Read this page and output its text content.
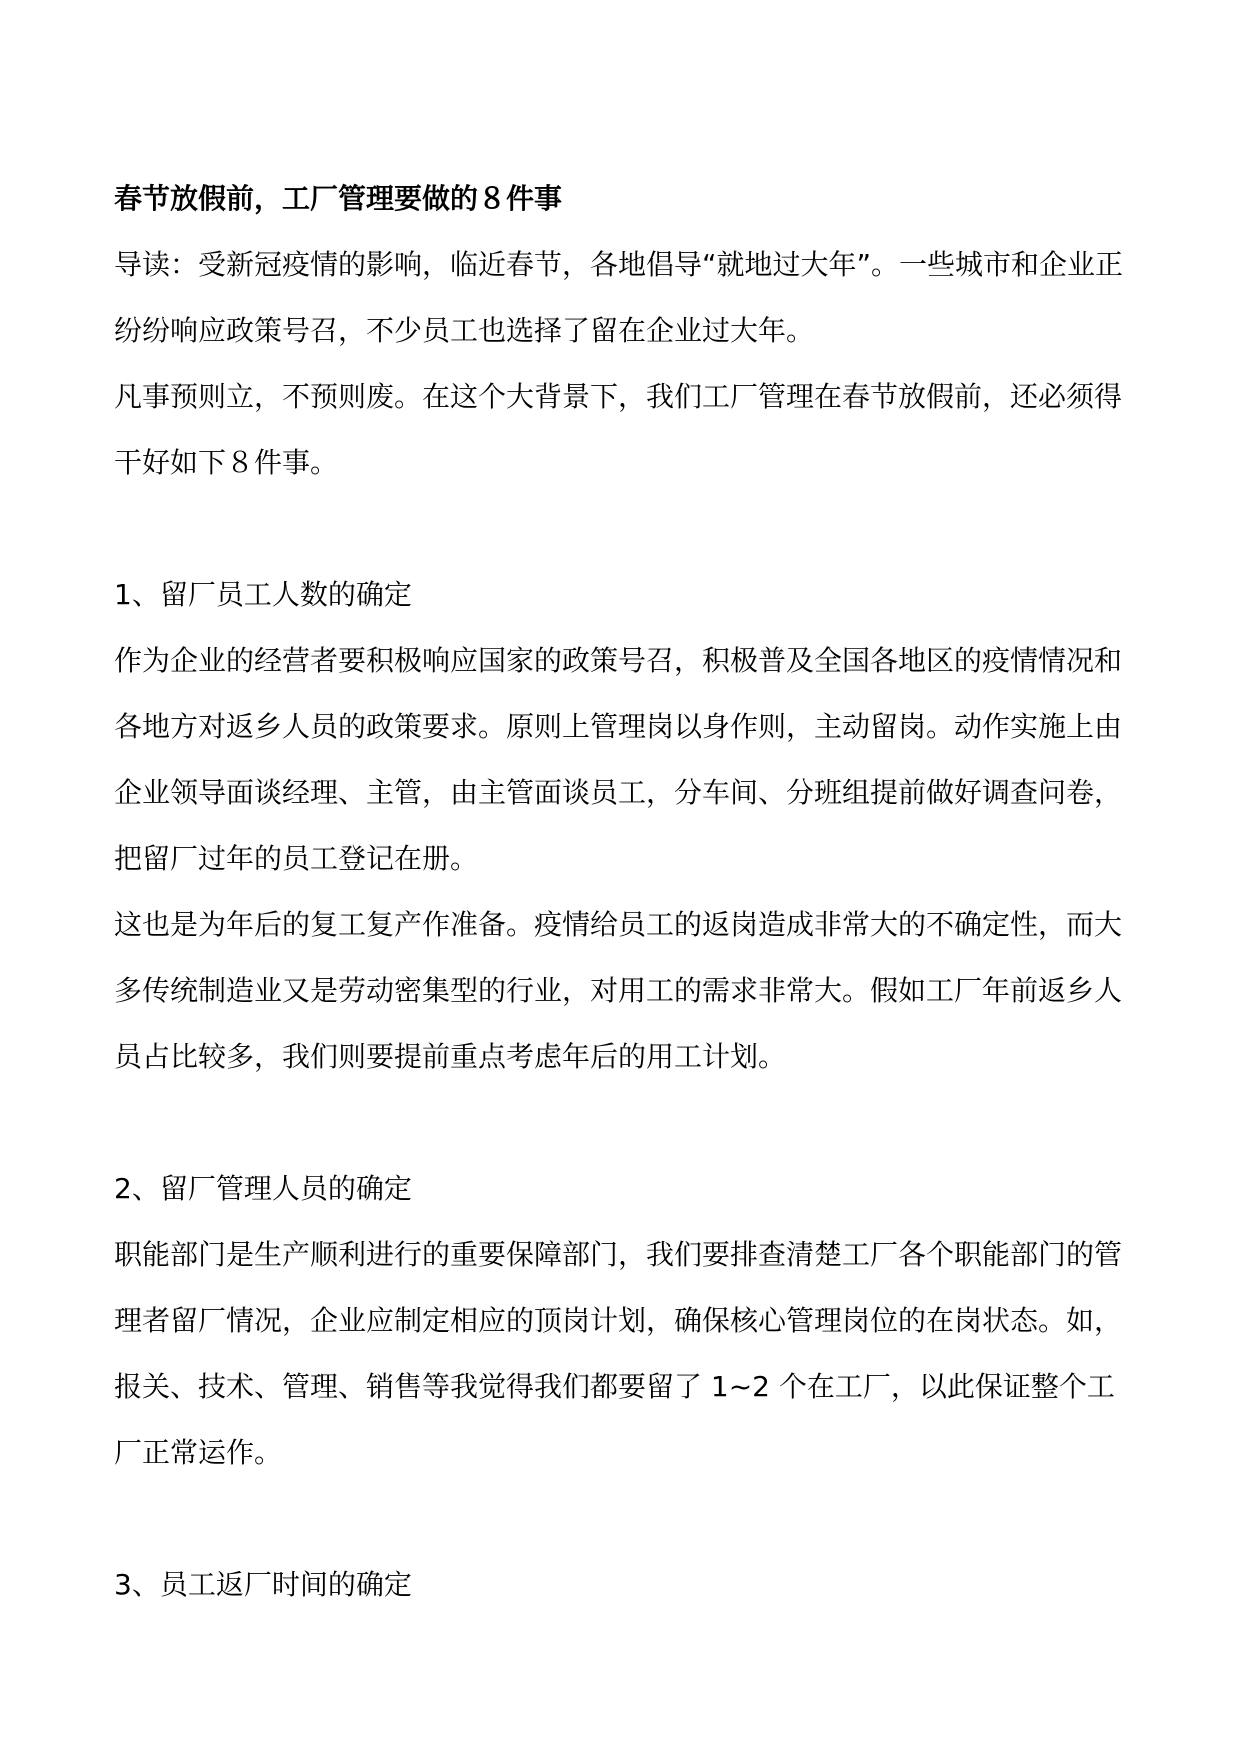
春节放假前，工厂管理要做的８件事

导读：受新冠疫情的影响，临近春节，各地倡导“就地过大年”。一些城市和企业正纷纷响应政策号召，不少员工也选择了留在企业过大年。

凡事预则立，不预则废。在这个大背景下，我们工厂管理在春节放假前，还必须得干好如下８件事。

1、留厂员工人数的确定

作为企业的经营者要积极响应国家的政策号召，积极普及全国各地区的疫情情况和各地方对返乡人员的政策要求。原则上管理岗以身作则，主动留岗。动作实施上由企业领导面谈经理、主管，由主管面谈员工，分车间、分班组提前做好调查问卷，把留厂过年的员工登记在册。

这也是为年后的复工复产作准备。疫情给员工的返岗造成非常大的不确定性，而大多传统制造业又是劳动密集型的行业，对用工的需求非常大。假如工厂年前返乡人员占比较多，我们则要提前重点考虑年后的用工计划。

2、留厂管理人员的确定

职能部门是生产顺利进行的重要保障部门，我们要排查清楚工厂各个职能部门的管理者留厂情况，企业应制定相应的顶岗计划，确保核心管理岗位的在岗状态。如，报关、技术、管理、销售等我觉得我们都要留了 1~2 个在工厂，以此保证整个工厂正常运作。

3、员工返厂时间的确定
